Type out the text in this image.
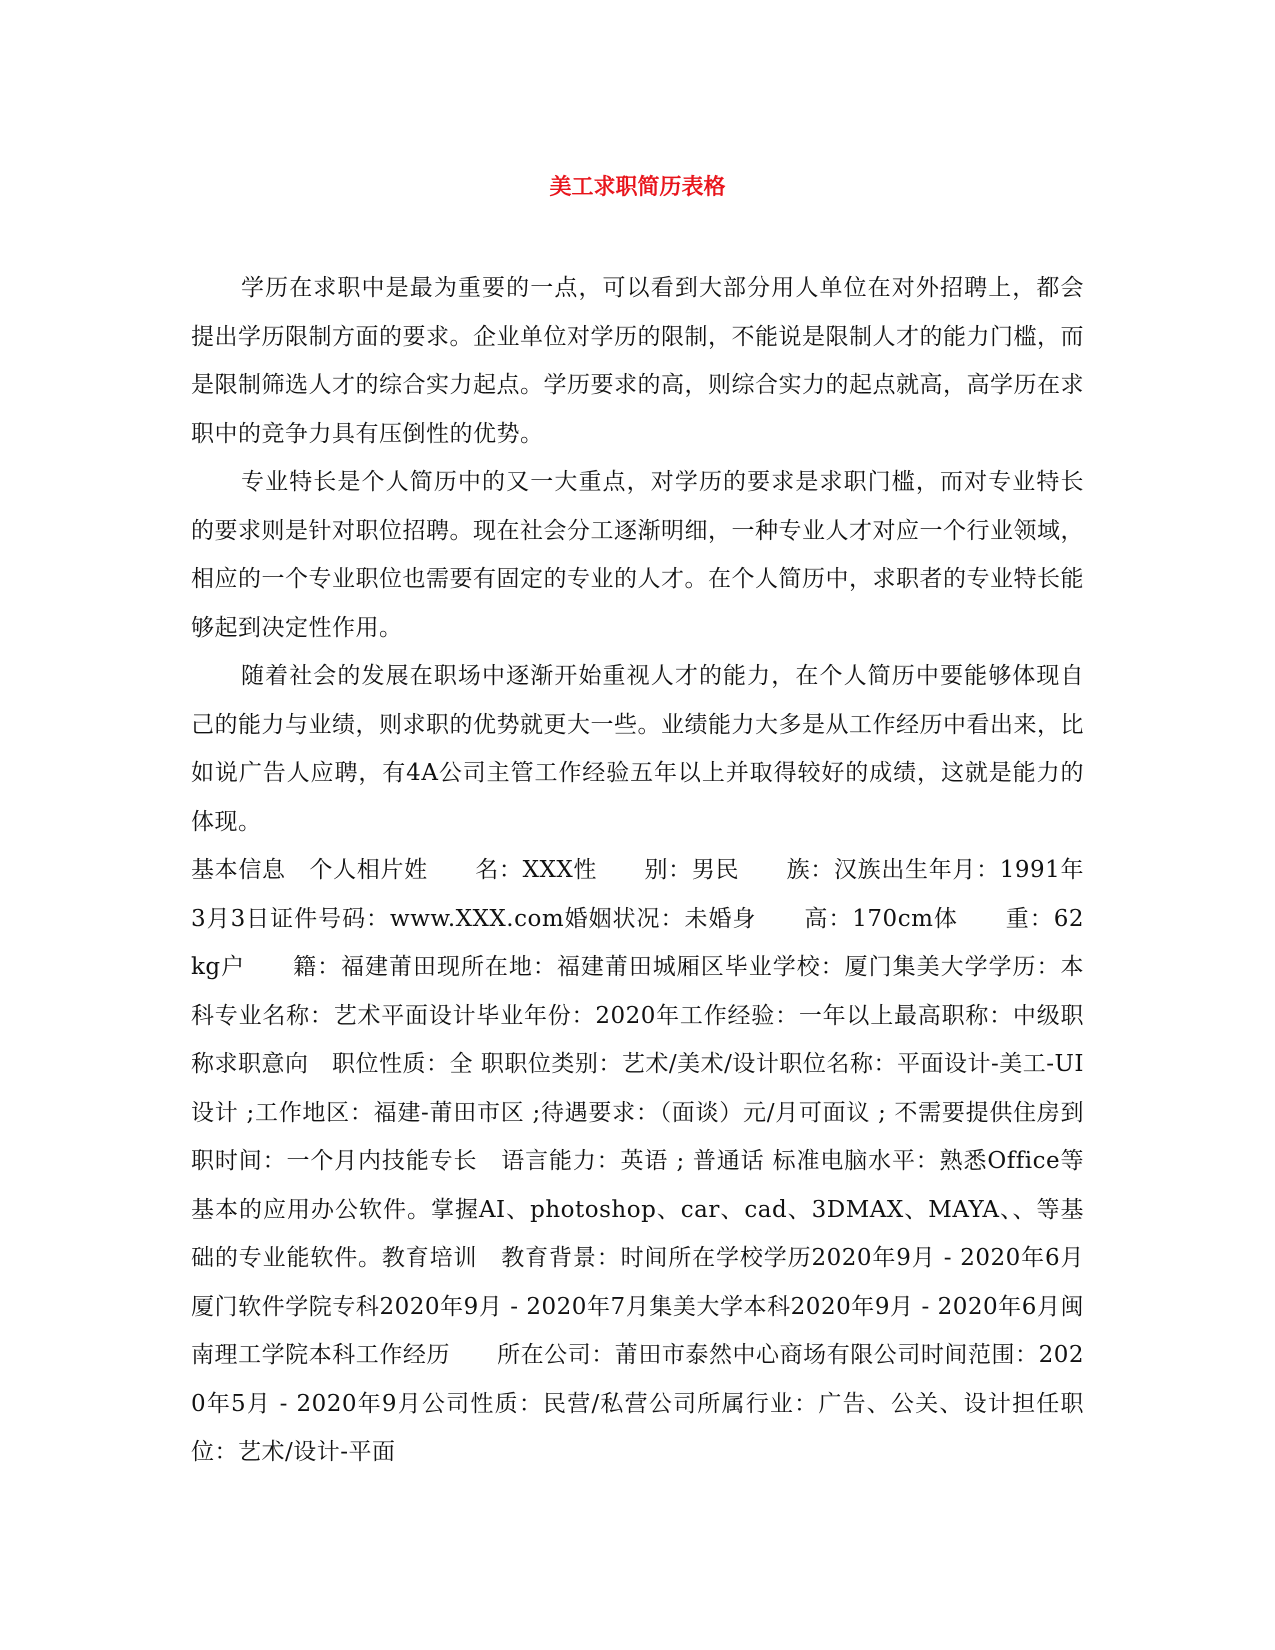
美工求职简历表格

学历在求职中是最为重要的一点，可以看到大部分用人单位在对外招聘上，都会提出学历限制方面的要求。企业单位对学历的限制，不能说是限制人才的能力门槛，而是限制筛选人才的综合实力起点。学历要求的高，则综合实力的起点就高，高学历在求职中的竞争力具有压倒性的优势。

专业特长是个人简历中的又一大重点，对学历的要求是求职门槛，而对专业特长的要求则是针对职位招聘。现在社会分工逐渐明细，一种专业人才对应一个行业领域，相应的一个专业职位也需要有固定的专业的人才。在个人简历中，求职者的专业特长能够起到决定性作用。

随着社会的发展在职场中逐渐开始重视人才的能力，在个人简历中要能够体现自己的能力与业绩，则求职的优势就更大一些。业绩能力大多是从工作经历中看出来，比如说广告人应聘，有4A公司主管工作经验五年以上并取得较好的成绩，这就是能力的体现。

基本信息　个人相片姓　　名：XXX性　　别：男民　　族：汉族出生年月：1991年3月3日证件号码：www.XXX.com婚姻状况：未婚身　　高：170cm体　　重：62kg户　　籍：福建莆田现所在地：福建莆田城厢区毕业学校：厦门集美大学学历：本科专业名称：艺术平面设计毕业年份：2020年工作经验：一年以上最高职称：中级职称求职意向　职位性质：全 职职位类别：艺术/美术/设计职位名称：平面设计-美工-UI设计 ;工作地区：福建-莆田市区 ;待遇要求：（面谈）元/月可面议 ; 不需要提供住房到职时间：一个月内技能专长　语言能力：英语 ; 普通话 标准电脑水平：熟悉Office等基本的应用办公软件。掌握AI、photoshop、car、cad、3DMAX、MAYA、、等基础的专业能软件。教育培训　教育背景：时间所在学校学历2020年9月 - 2020年6月厦门软件学院专科2020年9月 - 2020年7月集美大学本科2020年9月 - 2020年6月闽南理工学院本科工作经历　　所在公司：莆田市泰然中心商场有限公司时间范围：2020年5月 - 2020年9月公司性质：民营/私营公司所属行业：广告、公关、设计担任职位：艺术/设计-平面
